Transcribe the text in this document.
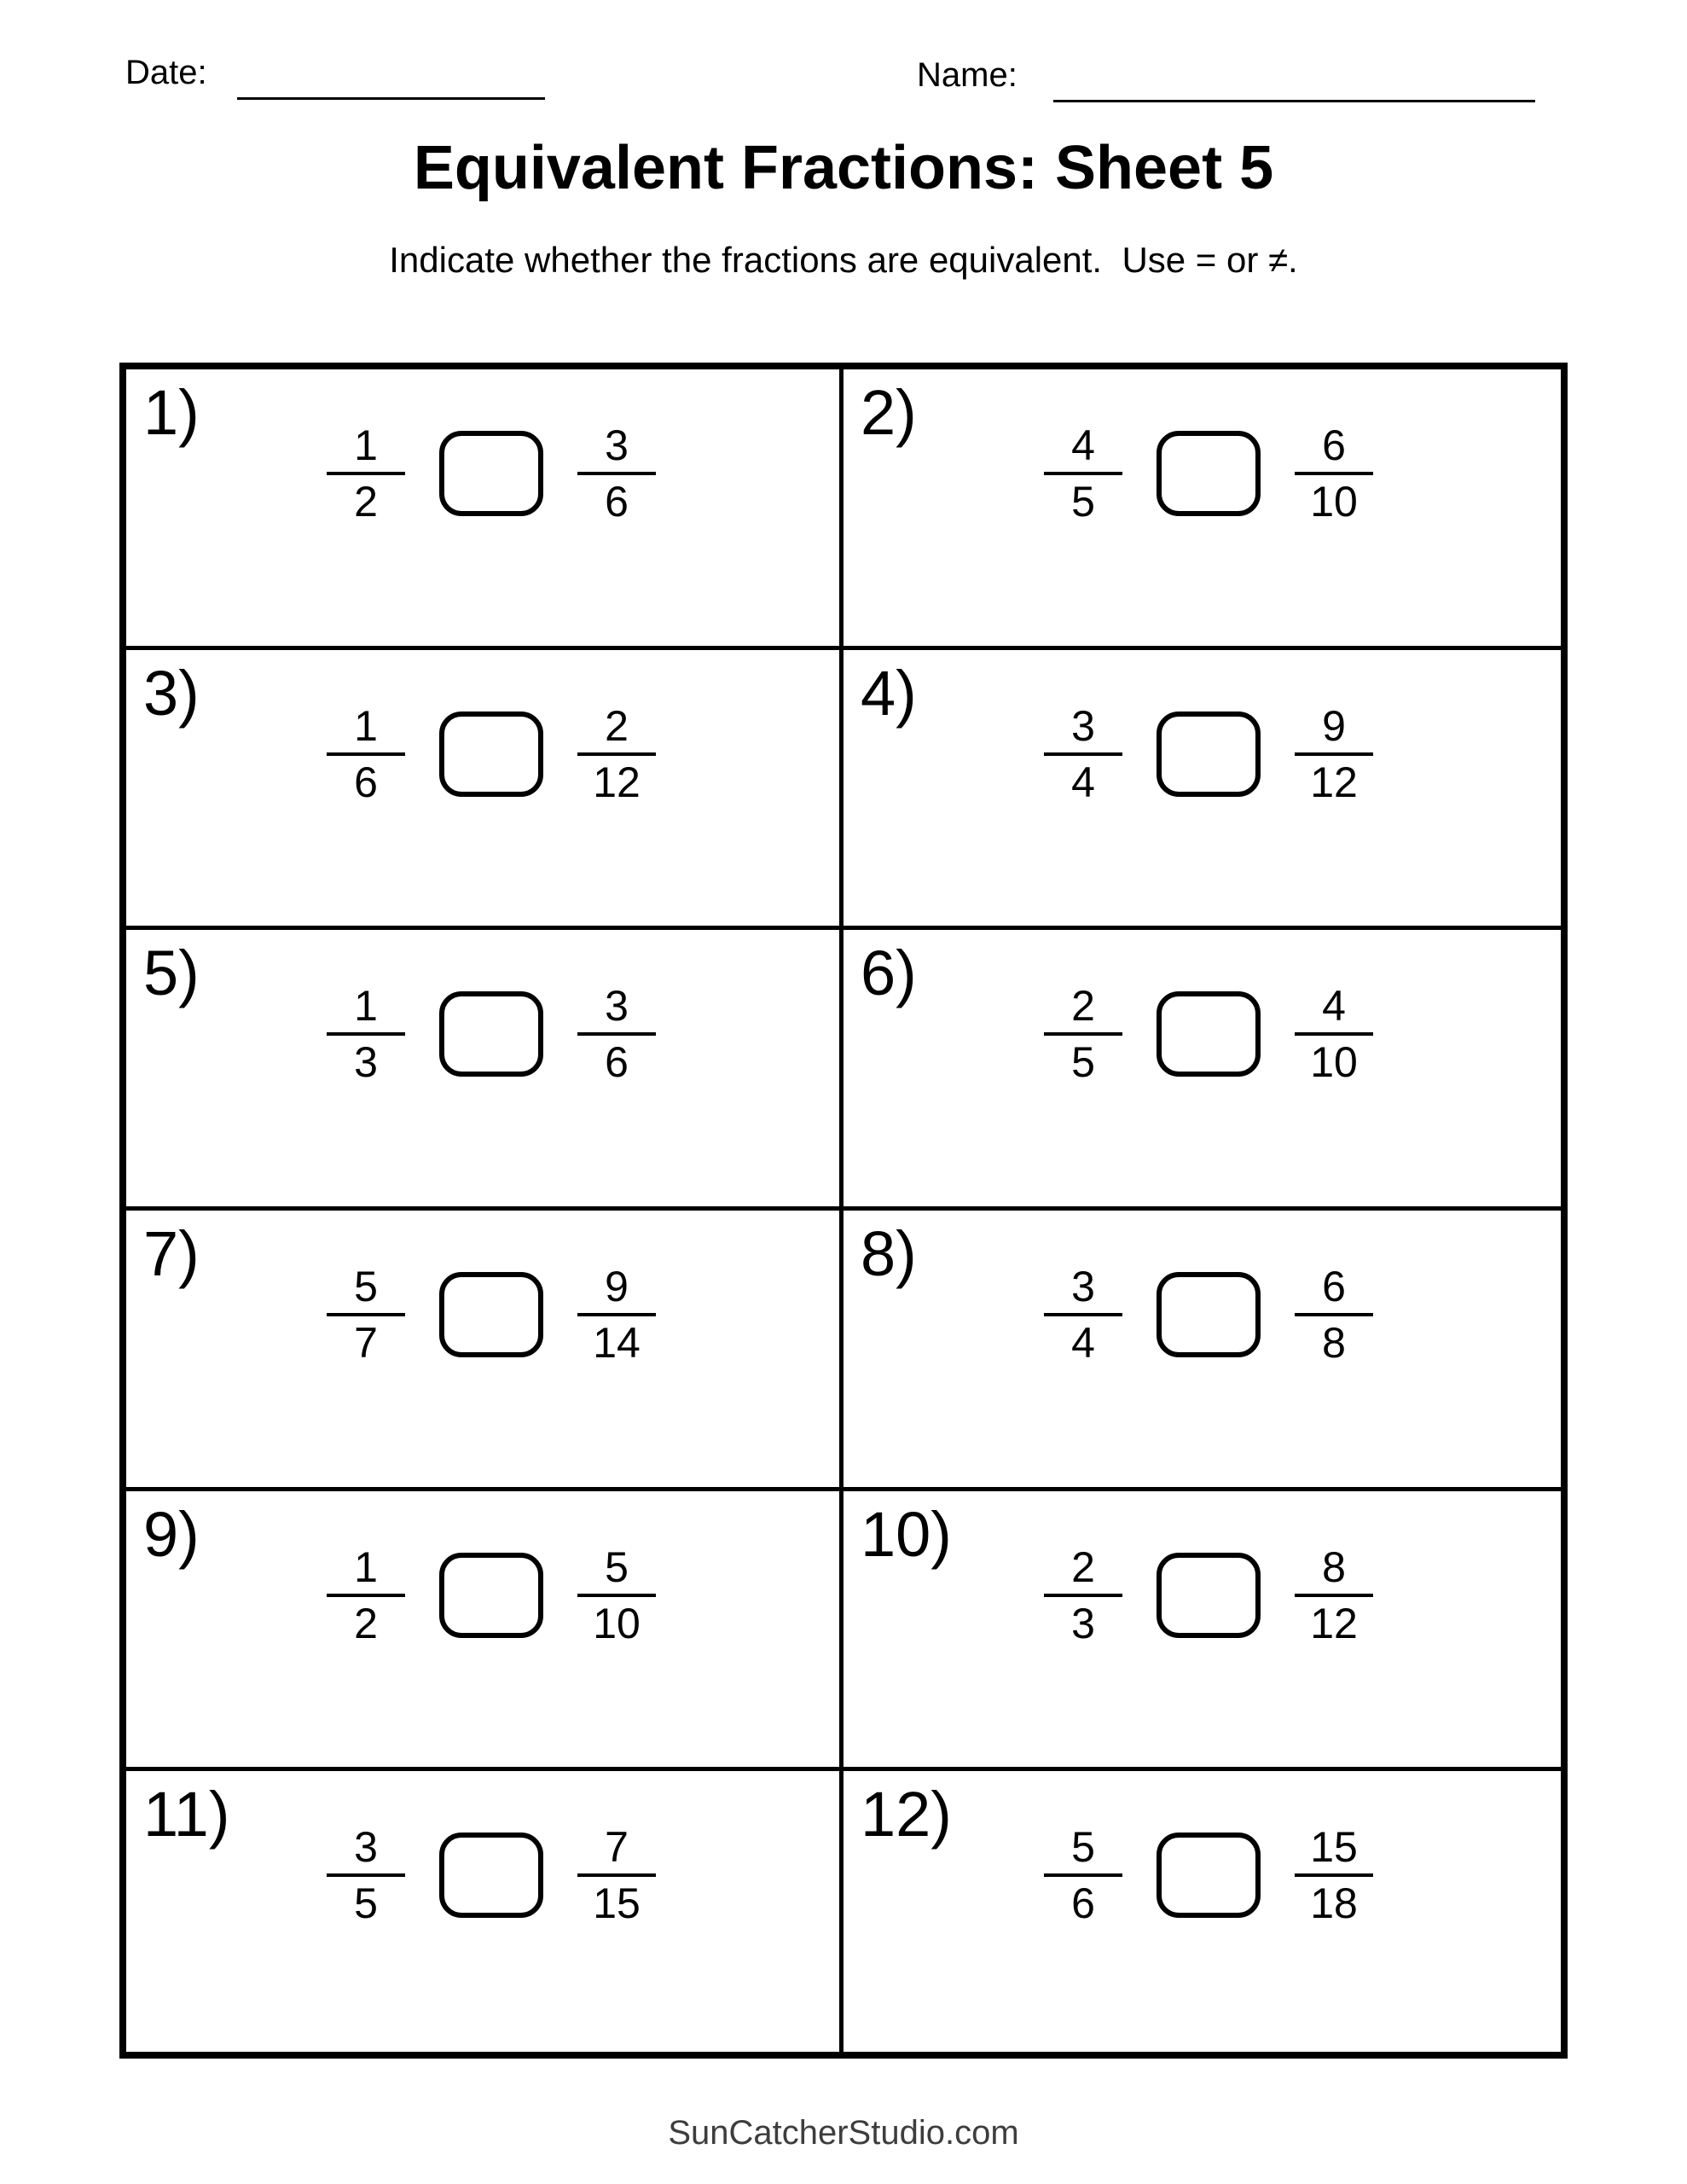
Date:	Name:
Equivalent Fractions: Sheet 5
Indicate whether the fractions are equivalent.  Use = or ≠.
1)
$\frac{1}{2}$	$\frac{3}{6}$
2)
$\frac{4}{5}$	$\frac{6}{10}$
3)
$\frac{1}{6}$	$\frac{2}{12}$
4)
$\frac{3}{4}$	$\frac{9}{12}$
5)
$\frac{1}{3}$	$\frac{3}{6}$
6)
$\frac{2}{5}$	$\frac{4}{10}$
7)
$\frac{5}{7}$	$\frac{9}{14}$
8)
$\frac{3}{4}$	$\frac{6}{8}$
9)
$\frac{1}{2}$	$\frac{5}{10}$
10)
$\frac{2}{3}$	$\frac{8}{12}$
11)
$\frac{3}{5}$	$\frac{7}{15}$
12)
$\frac{5}{6}$	$\frac{15}{18}$
SunCatcherStudio.com
